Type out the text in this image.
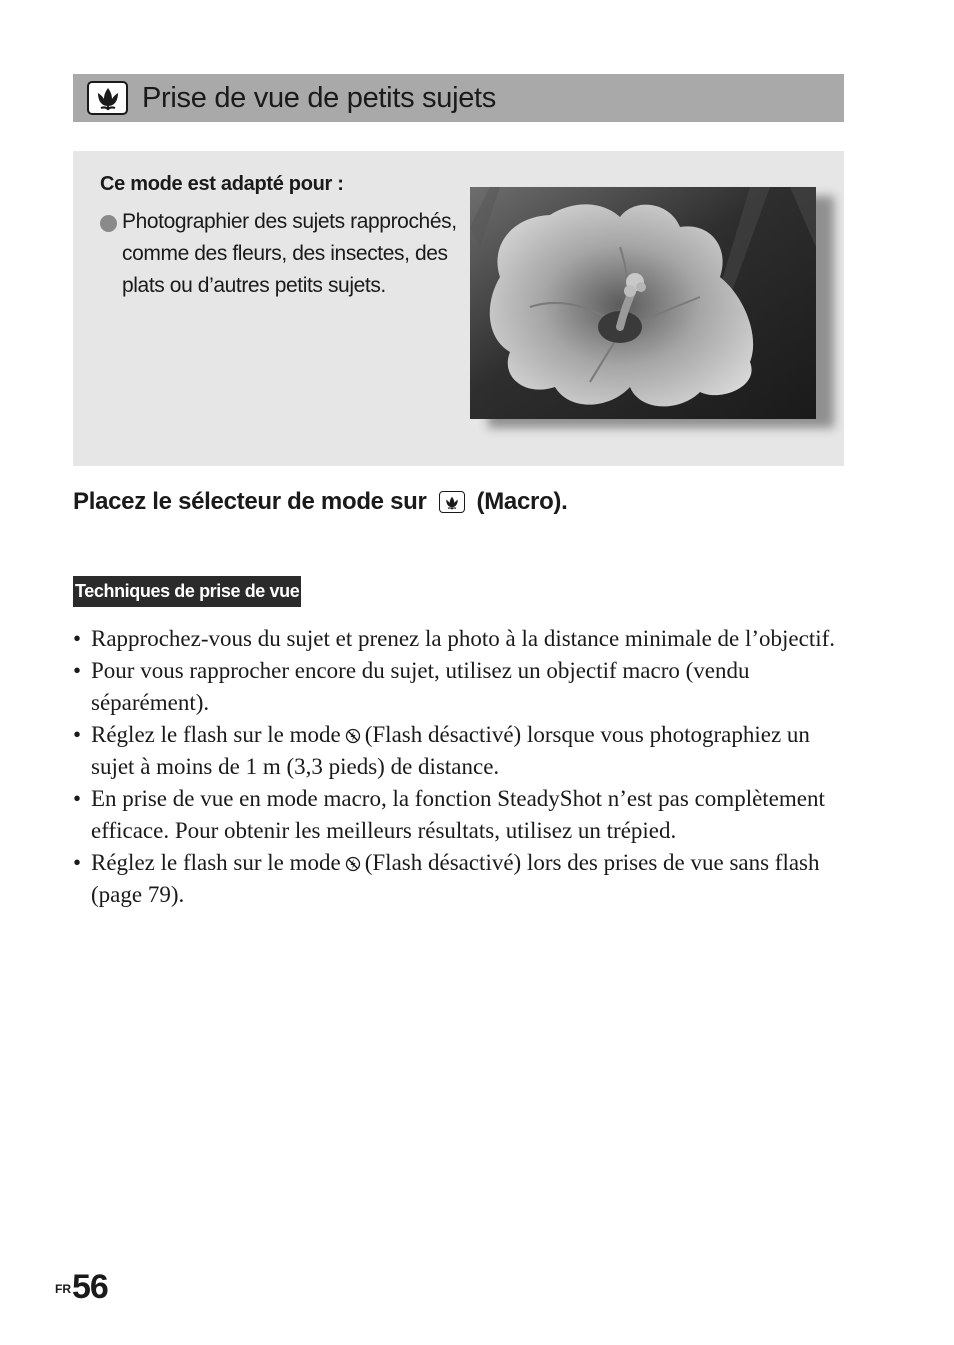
Prise de vue de petits sujets
Ce mode est adapté pour :
Photographier des sujets rapprochés, comme des fleurs, des insectes, des plats ou d’autres petits sujets.
Placez le sélecteur de mode sur (Macro).
Techniques de prise de vue
• Rapprochez-vous du sujet et prenez la photo à la distance minimale de l’objectif.
• Pour vous rapprocher encore du sujet, utilisez un objectif macro (vendu séparément).
• Réglez le flash sur le mode (Flash désactivé) lorsque vous photographiez un sujet à moins de 1 m (3,3 pieds) de distance.
• En prise de vue en mode macro, la fonction SteadyShot n’est pas complètement efficace. Pour obtenir les meilleurs résultats, utilisez un trépied.
• Réglez le flash sur le mode (Flash désactivé) lors des prises de vue sans flash (page 79).
FR 56
